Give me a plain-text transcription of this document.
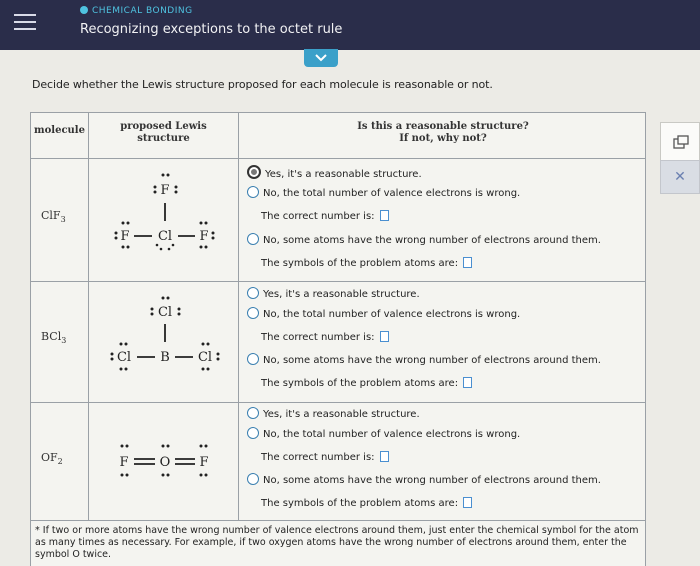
CHEMICAL BONDING
Recognizing exceptions to the octet rule
Decide whether the Lewis structure proposed for each molecule is reasonable or not.
molecule	proposed Lewis
structure
Is this a reasonable structure?
If not, why not?
ClF$_3$
F
F Cl F
Yes, it's a reasonable structure.
No, the total number of valence electrons is wrong.
The correct number is:
No, some atoms have the wrong number of electrons around them.
The symbols of the problem atoms are:
BCl$_3$
Cl
Cl B Cl
Yes, it's a reasonable structure.
No, the total number of valence electrons is wrong.
The correct number is:
No, some atoms have the wrong number of electrons around them.
The symbols of the problem atoms are:
$OF_2$	F O F
Yes, it's a reasonable structure.
No, the total number of valence electrons is wrong.
The correct number is:
No, some atoms have the wrong number of electrons around them.
The symbols of the problem atoms are:
* If two or more atoms have the wrong number of valence electrons around them, just enter the chemical symbol for the atom as many times as necessary. For example, if two oxygen atoms have the wrong number of electrons around them, enter the symbol O twice.
✕
